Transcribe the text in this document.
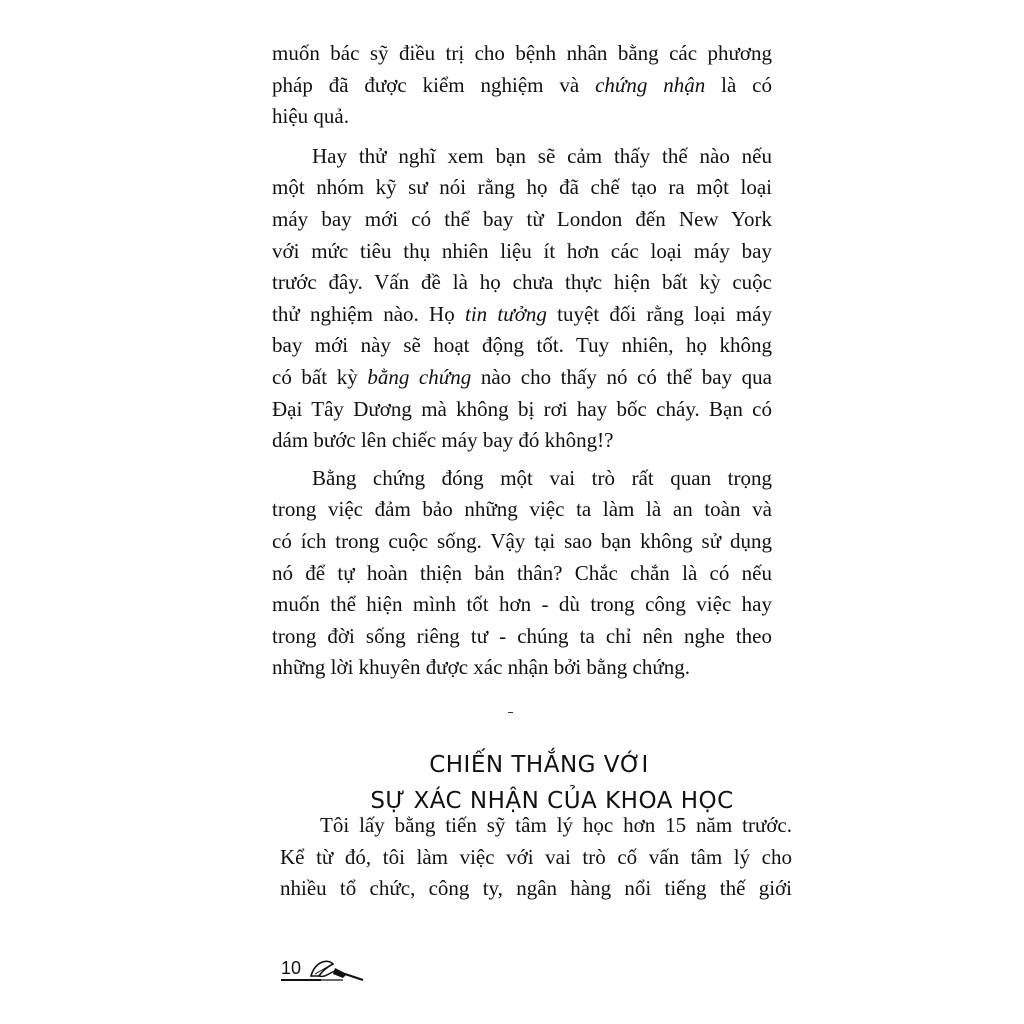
muốn bác sỹ điều trị cho bệnh nhân bằng các phương
pháp đã được kiểm nghiệm và chứng nhận là có
hiệu quả.

Hay thử nghĩ xem bạn sẽ cảm thấy thế nào nếu
một nhóm kỹ sư nói rằng họ đã chế tạo ra một loại
máy bay mới có thể bay từ London đến New York
với mức tiêu thụ nhiên liệu ít hơn các loại máy bay
trước đây. Vấn đề là họ chưa thực hiện bất kỳ cuộc
thử nghiệm nào. Họ tin tưởng tuyệt đối rằng loại máy
bay mới này sẽ hoạt động tốt. Tuy nhiên, họ không
có bất kỳ bằng chứng nào cho thấy nó có thể bay qua
Đại Tây Dương mà không bị rơi hay bốc cháy. Bạn có
dám bước lên chiếc máy bay đó không!?

Bằng chứng đóng một vai trò rất quan trọng
trong việc đảm bảo những việc ta làm là an toàn và
có ích trong cuộc sống. Vậy tại sao bạn không sử dụng
nó để tự hoàn thiện bản thân? Chắc chắn là có nếu
muốn thể hiện mình tốt hơn - dù trong công việc hay
trong đời sống riêng tư - chúng ta chỉ nên nghe theo
những lời khuyên được xác nhận bởi bằng chứng.

CHIẾN THẮNG VỚI
SỰ XÁC NHẬN CỦA KHOA HỌC

Tôi lấy bằng tiến sỹ tâm lý học hơn 15 năm trước.
Kể từ đó, tôi làm việc với vai trò cố vấn tâm lý cho
nhiều tổ chức, công ty, ngân hàng nổi tiếng thế giới

10
